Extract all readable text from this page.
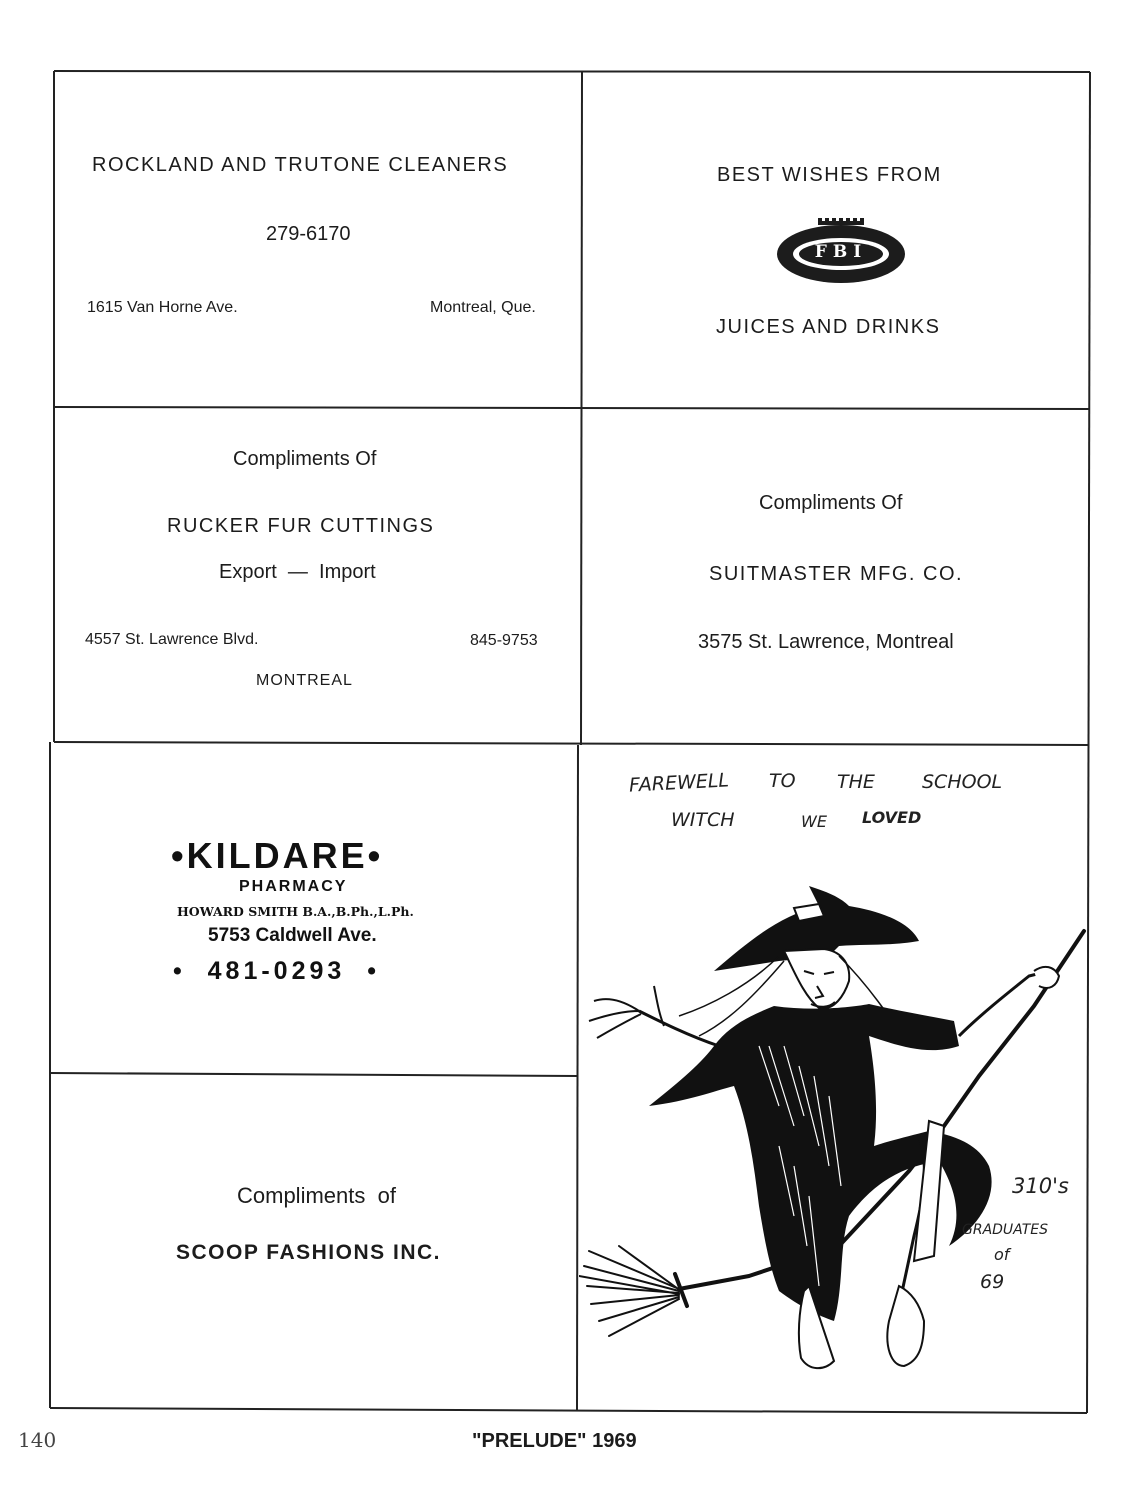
ROCKLAND AND TRUTONE CLEANERS
279-6170
1615 Van Horne Ave.	Montreal, Que.
BEST WISHES FROM
FBI
JUICES AND DRINKS
Compliments Of
RUCKER FUR CUTTINGS
Export  —  Import
4557 St. Lawrence Blvd.	845-9753
MONTREAL
Compliments Of
SUITMASTER MFG. CO.
3575 St. Lawrence, Montreal
•KILDARE•
PHARMACY
HOWARD SMITH B.A.,B.Ph.,L.Ph.
5753 Caldwell Ave.
•  481-0293  •
Compliments  of
SCOOP FASHIONS INC.
FAREWELL TO THE SCHOOL
WITCH	WE LOVED
310's
GRADUATES
of
69
140	"PRELUDE" 1969
